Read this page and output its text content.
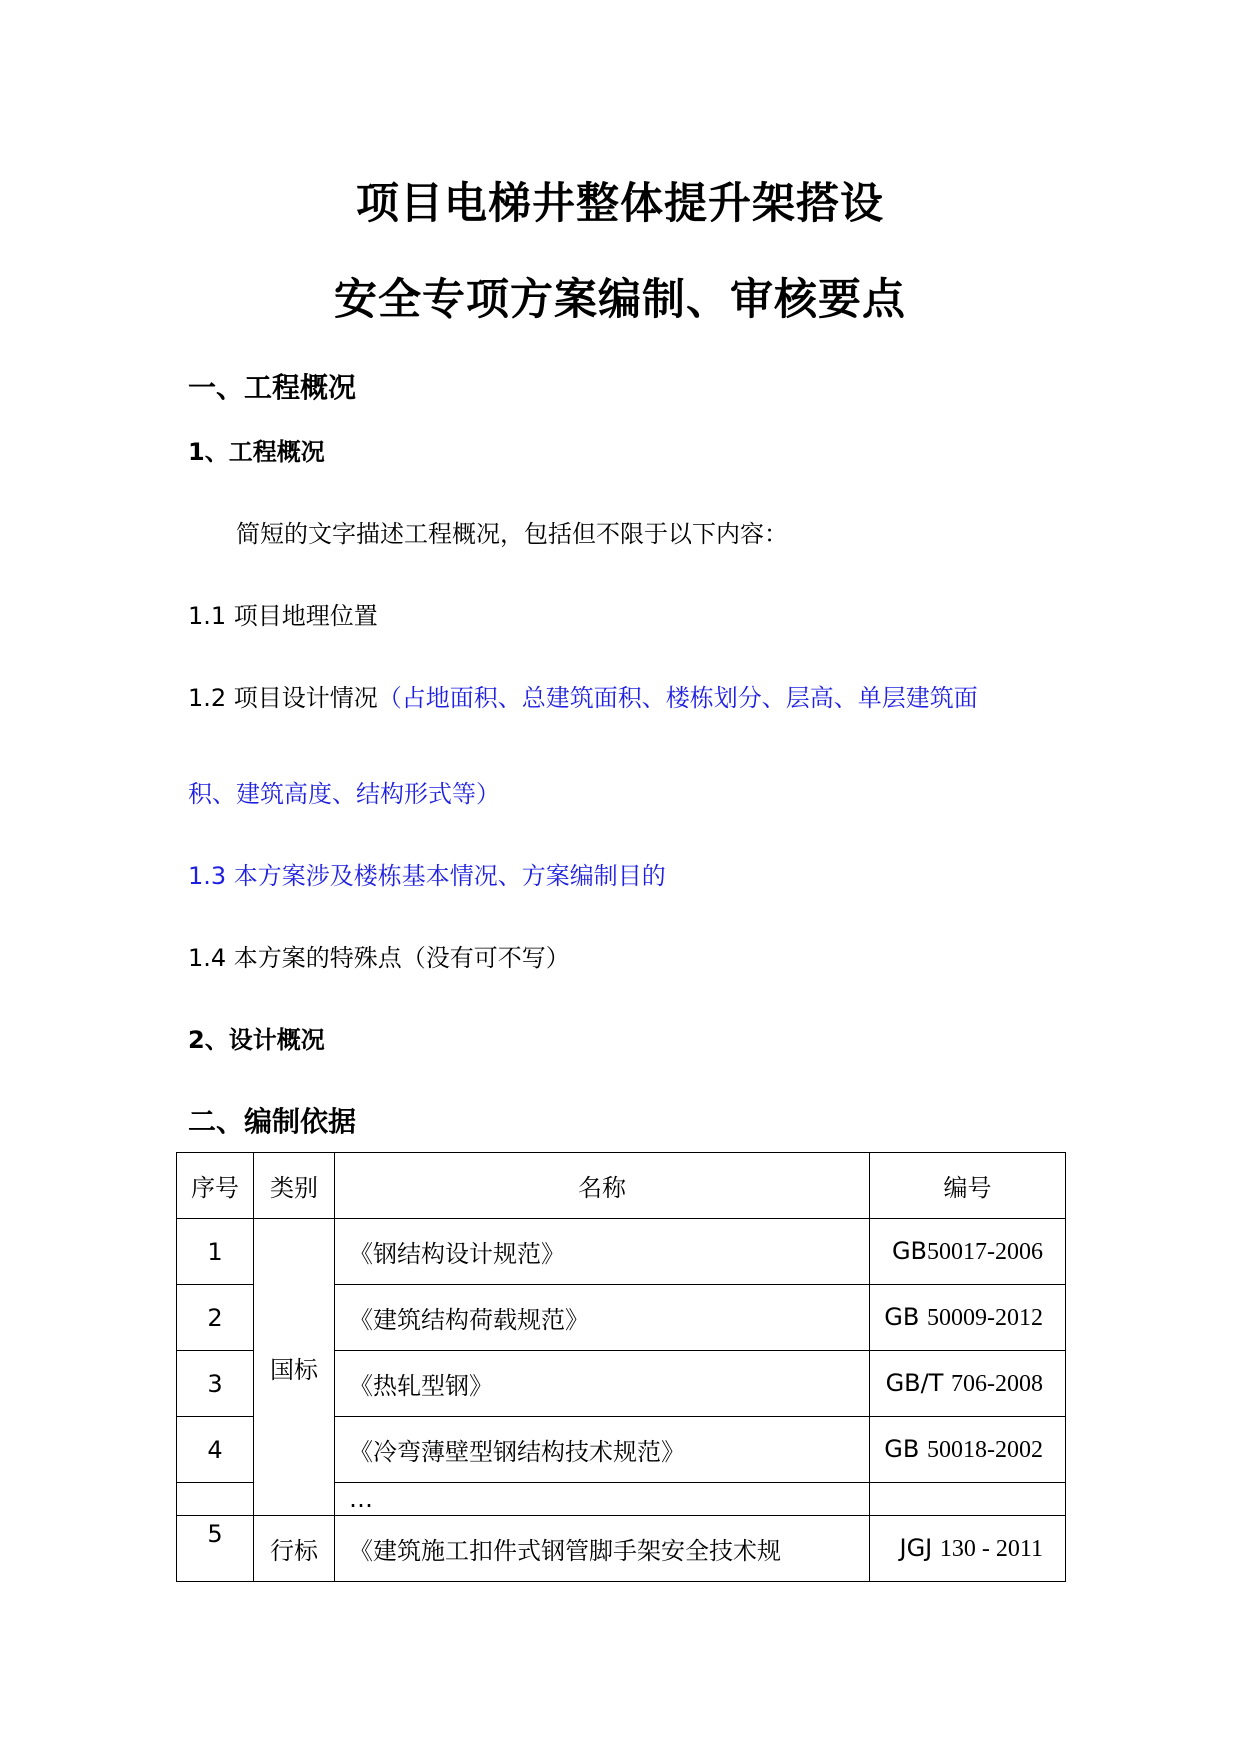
项目电梯井整体提升架搭设
安全专项方案编制、审核要点
一、工程概况
1、工程概况
简短的文字描述工程概况，包括但不限于以下内容：
1.1 项目地理位置
1.2 项目设计情况（占地面积、总建筑面积、楼栋划分、层高、单层建筑面
积、建筑高度、结构形式等）
1.3 本方案涉及楼栋基本情况、方案编制目的
1.4 本方案的特殊点（没有可不写）
2、设计概况
二、编制依据
序号	类别	名称	编号
1	国标	《钢结构设计规范》	GB50017-2006
2		《建筑结构荷载规范》	GB 50009-2012
3		《热轧型钢》	GB/T 706-2008
4		《冷弯薄壁型钢结构技术规范》	GB 50018-2002
		…	
5	行标	《建筑施工扣件式钢管脚手架安全技术规	JGJ 130 - 2011
